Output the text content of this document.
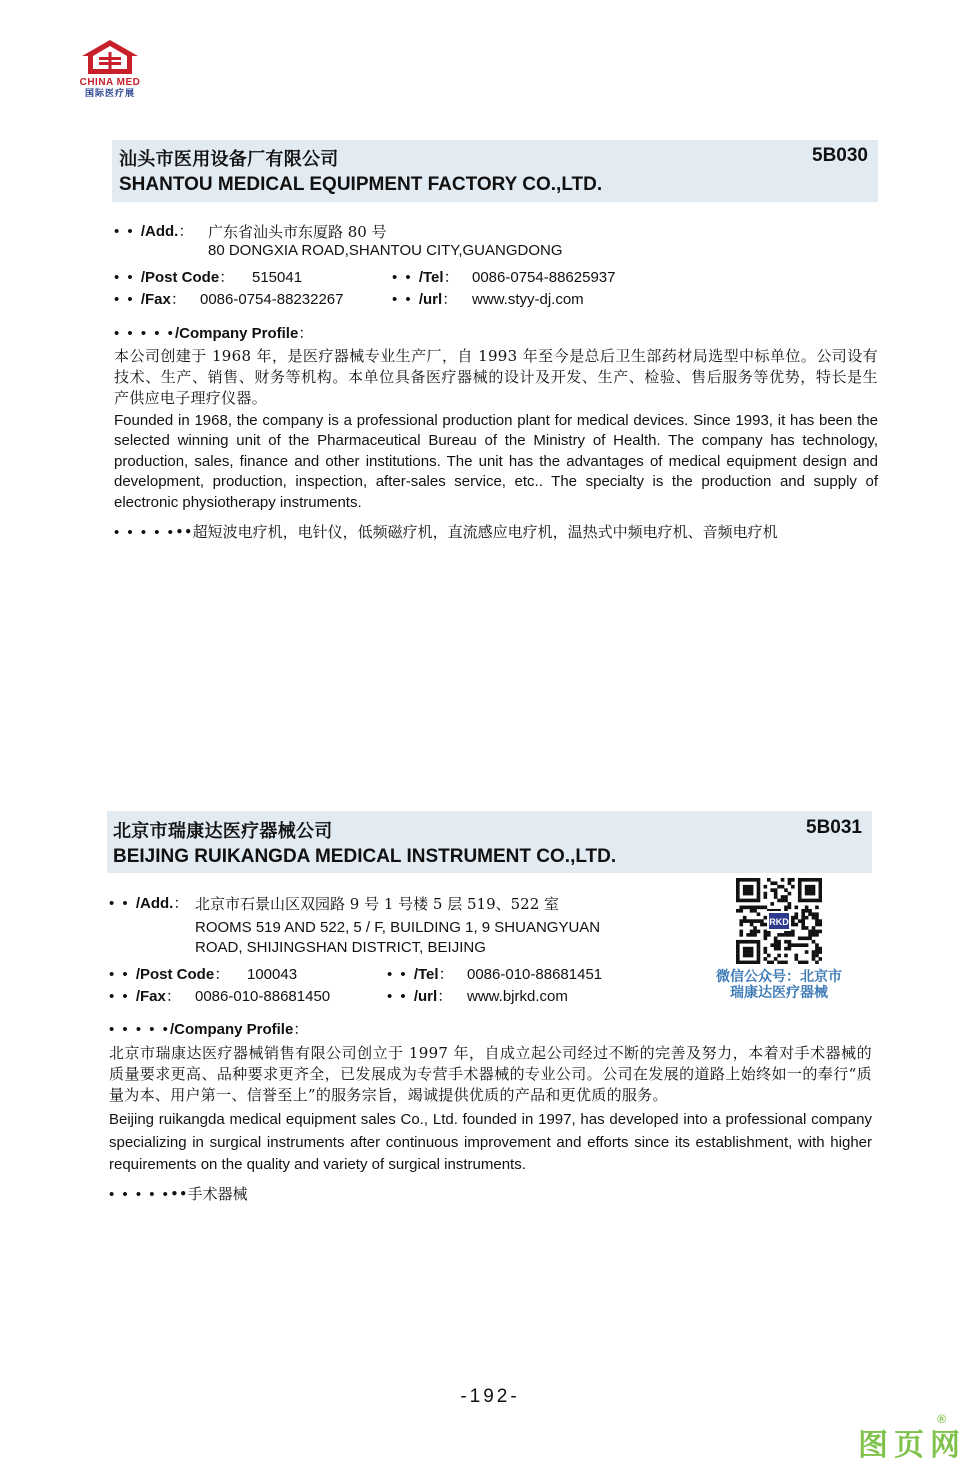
CHINA MED
国际医疗展
汕头市医用设备厂有限公司
SHANTOU MEDICAL EQUIPMENT FACTORY CO.,LTD.
5B030
• • /Add.： 广东省汕头市东厦路 80 号
80 DONGXIA ROAD,SHANTOU CITY,GUANGDONG
• • /Post Code： 515041	• • /Tel： 0086-0754-88625937
• • /Fax： 0086-0754-88232267	• • /url： www.styy-dj.com
• • • • •/Company Profile：
本公司创建于 1968 年，是医疗器械专业生产厂，自 1993 年至今是总后卫生部药材局选型中标单位。公司设有技术、生产、销售、财务等机构。本单位具备医疗器械的设计及开发、生产、检验、售后服务等优势，特长是生产供应电子理疗仪器。
Founded in 1968, the company is a professional production plant for medical devices. Since 1993, it has been the selected winning unit of the Pharmaceutical Bureau of the Ministry of Health. The company has technology, production, sales, finance and other institutions. The unit has the advantages of medical equipment design and development, production, inspection, after-sales service, etc.. The specialty is the production and supply of electronic physiotherapy instruments.
• • • • •••超短波电疗机，电针仪，低频磁疗机，直流感应电疗机，温热式中频电疗机、音频电疗机
北京市瑞康达医疗器械公司
BEIJING RUIKANGDA MEDICAL INSTRUMENT CO.,LTD.
5B031
• • /Add.： 北京市石景山区双园路 9 号 1 号楼 5 层 519、522 室
ROOMS 519 AND 522, 5 / F, BUILDING 1, 9 SHUANGYUAN
ROAD, SHIJINGSHAN DISTRICT, BEIJING
• • /Post Code： 100043	• • /Tel： 0086-010-88681451
• • /Fax： 0086-010-88681450	• • /url： www.bjrkd.com
RKD
微信公众号：北京市
瑞康达医疗器械
• • • • •/Company Profile：
北京市瑞康达医疗器械销售有限公司创立于 1997 年，自成立起公司经过不断的完善及努力，本着对手术器械的质量要求更高、品种要求更齐全，已发展成为专营手术器械的专业公司。公司在发展的道路上始终如一的奉行“质量为本、用户第一、信誉至上”的服务宗旨，竭诚提供优质的产品和更优质的服务。
Beijing ruikangda medical equipment sales Co., Ltd. founded in 1997, has developed into a professional company specializing in surgical instruments after continuous improvement and efforts since its establishment, with higher requirements on the quality and variety of surgical instruments.
• • • • •••手术器械
-192-
图页网
®
